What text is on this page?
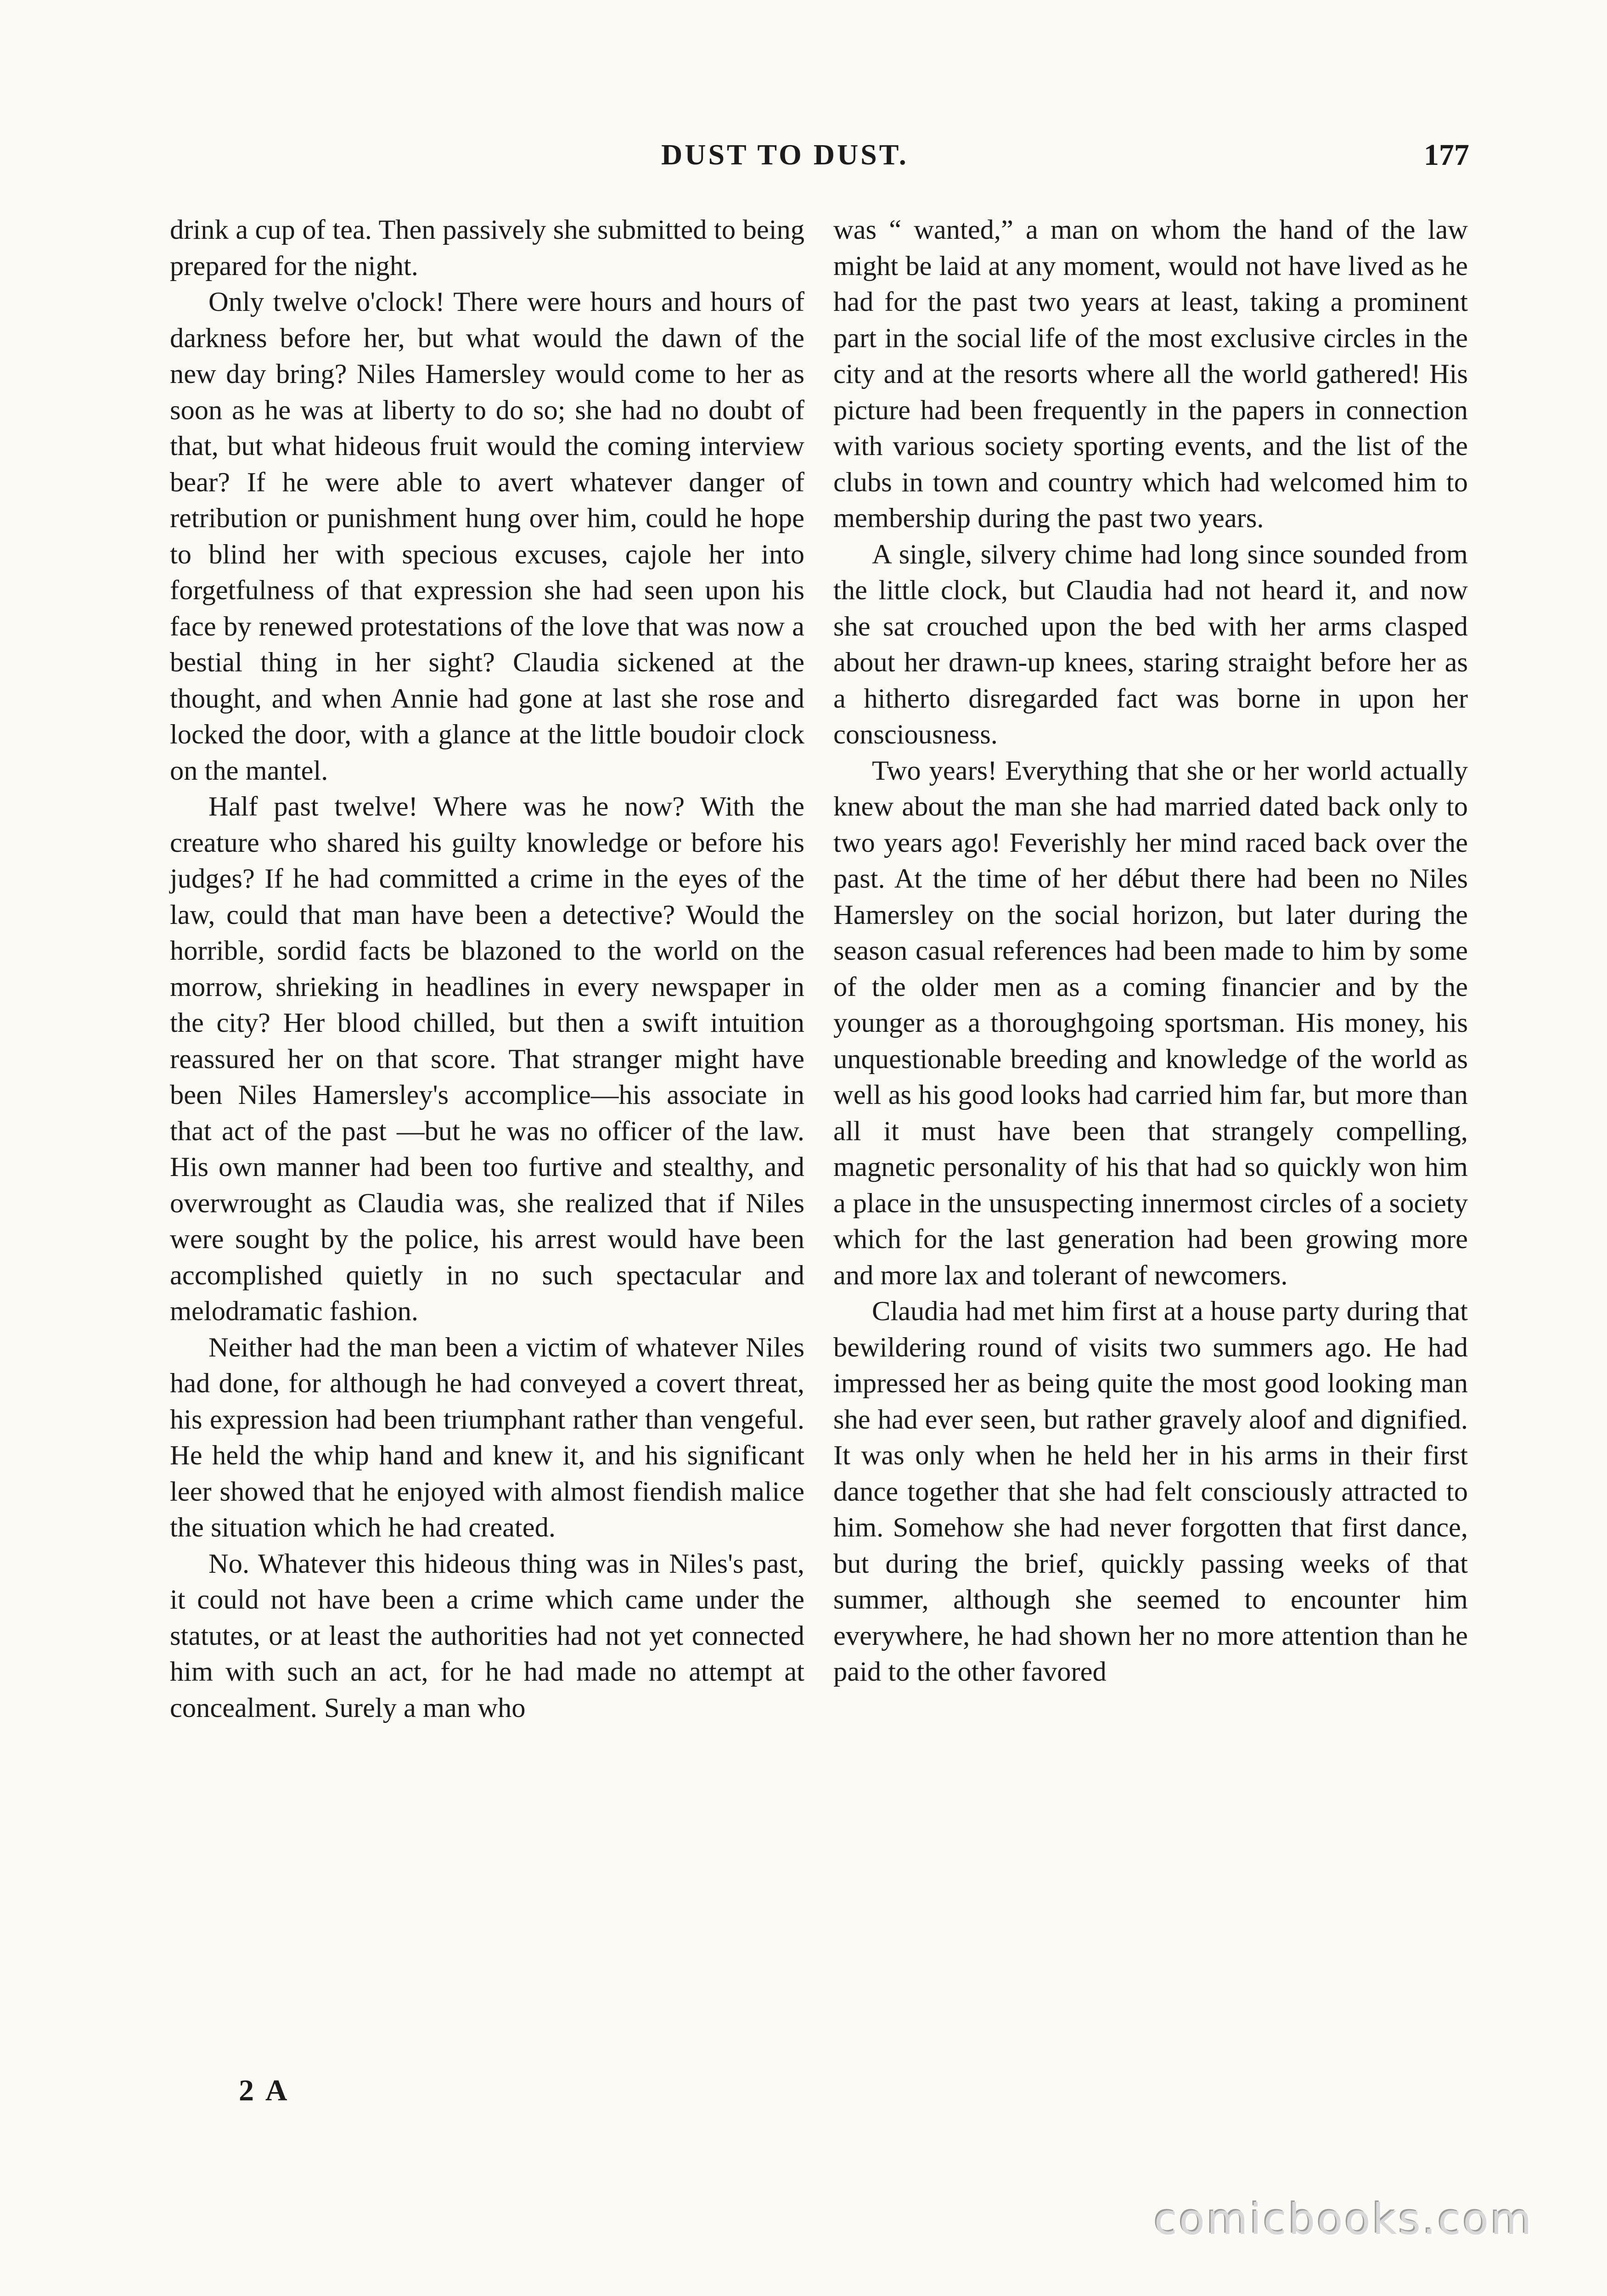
DUST TO DUST.	177

drink a cup of tea. Then passively she submitted to being prepared for the night.

Only twelve o'clock! There were hours and hours of darkness before her, but what would the dawn of the new day bring? Niles Hamersley would come to her as soon as he was at liberty to do so; she had no doubt of that, but what hideous fruit would the coming interview bear? If he were able to avert whatever danger of retribution or punishment hung over him, could he hope to blind her with specious excuses, cajole her into forgetfulness of that expression she had seen upon his face by renewed protestations of the love that was now a bestial thing in her sight? Claudia sickened at the thought, and when Annie had gone at last she rose and locked the door, with a glance at the little boudoir clock on the mantel.

Half past twelve! Where was he now? With the creature who shared his guilty knowledge or before his judges? If he had committed a crime in the eyes of the law, could that man have been a detective? Would the horrible, sordid facts be blazoned to the world on the morrow, shrieking in headlines in every newspaper in the city? Her blood chilled, but then a swift intuition reassured her on that score. That stranger might have been Niles Hamersley's accomplice—his associate in that act of the past —but he was no officer of the law. His own manner had been too furtive and stealthy, and overwrought as Claudia was, she realized that if Niles were sought by the police, his arrest would have been accomplished quietly in no such spectacular and melodramatic fashion.

Neither had the man been a victim of whatever Niles had done, for although he had conveyed a covert threat, his expression had been triumphant rather than vengeful. He held the whip hand and knew it, and his significant leer showed that he enjoyed with almost fiendish malice the situation which he had created.

No. Whatever this hideous thing was in Niles's past, it could not have been a crime which came under the statutes, or at least the authorities had not yet connected him with such an act, for he had made no attempt at concealment. Surely a man who

was “ wanted,” a man on whom the hand of the law might be laid at any moment, would not have lived as he had for the past two years at least, taking a prominent part in the social life of the most exclusive circles in the city and at the resorts where all the world gathered! His picture had been frequently in the papers in connection with various society sporting events, and the list of the clubs in town and country which had welcomed him to membership during the past two years.

A single, silvery chime had long since sounded from the little clock, but Claudia had not heard it, and now she sat crouched upon the bed with her arms clasped about her drawn-up knees, staring straight before her as a hitherto disregarded fact was borne in upon her consciousness.

Two years! Everything that she or her world actually knew about the man she had married dated back only to two years ago! Feverishly her mind raced back over the past. At the time of her début there had been no Niles Hamersley on the social horizon, but later during the season casual references had been made to him by some of the older men as a coming financier and by the younger as a thoroughgoing sportsman. His money, his unquestionable breeding and knowledge of the world as well as his good looks had carried him far, but more than all it must have been that strangely compelling, magnetic personality of his that had so quickly won him a place in the unsuspecting innermost circles of a society which for the last generation had been growing more and more lax and tolerant of newcomers.

Claudia had met him first at a house party during that bewildering round of visits two summers ago. He had impressed her as being quite the most good looking man she had ever seen, but rather gravely aloof and dignified. It was only when he held her in his arms in their first dance together that she had felt consciously attracted to him. Somehow she had never forgotten that first dance, but during the brief, quickly passing weeks of that summer, although she seemed to encounter him everywhere, he had shown her no more attention than he paid to the other favored

2 A
comicbooks.com
